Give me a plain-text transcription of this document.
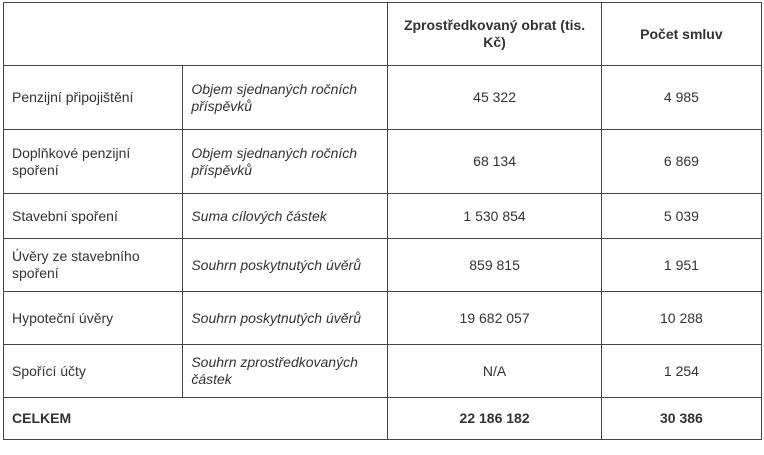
		Zprostředkovaný obrat (tis. Kč)	Počet smluv
Penzijní připojištění	Objem sjednaných ročních příspěvků	45 322	4 985
Doplňkové penzijní spoření	Objem sjednaných ročních příspěvků	68 134	6 869
Stavební spoření	Suma cílových částek	1 530 854	5 039
Úvěry ze stavebního spoření	Souhrn poskytnutých úvěrů	859 815	1 951
Hypoteční úvěry	Souhrn poskytnutých úvěrů	19 682 057	10 288
Spořící účty	Souhrn zprostředkovaných částek	N/A	1 254
CELKEM		22 186 182	30 386
